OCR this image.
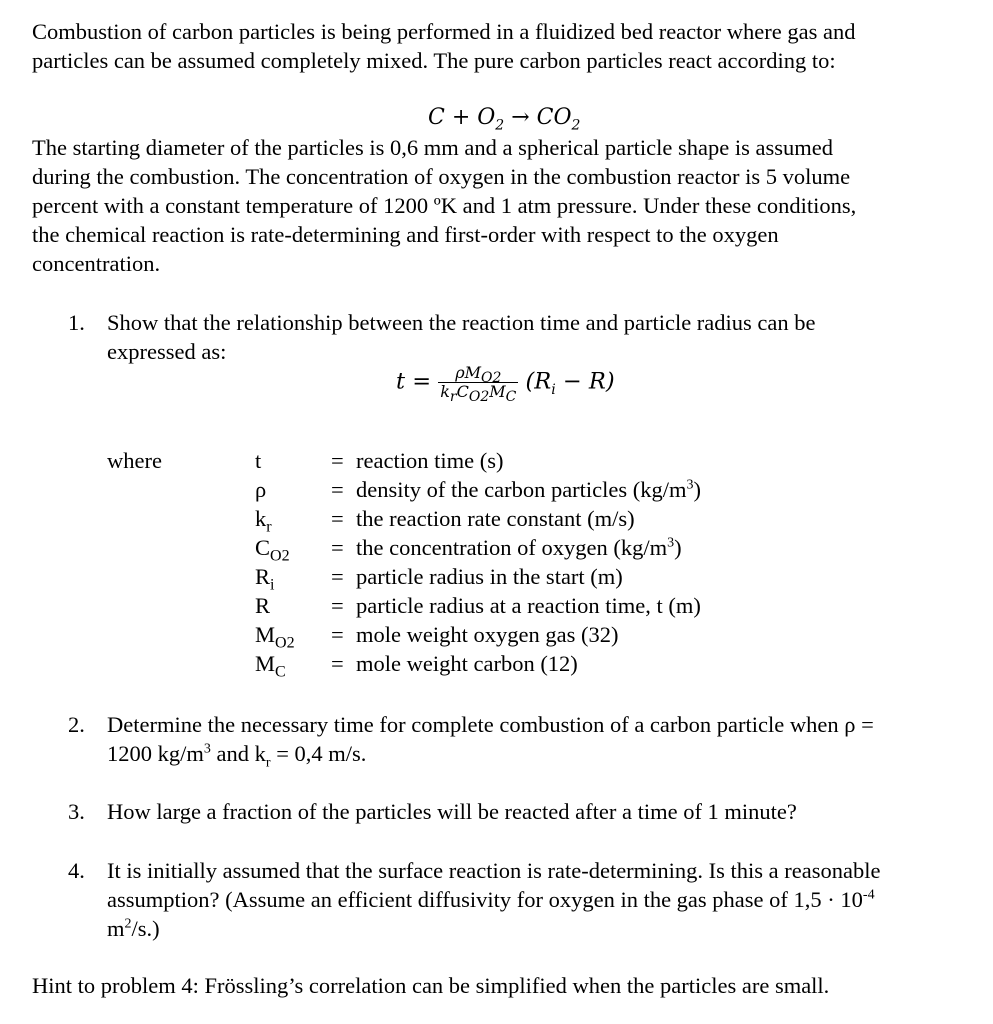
Combustion of carbon particles is being performed in a fluidized bed reactor where gas and
particles can be assumed completely mixed. The pure carbon particles react according to:
$C + O_2 \to CO_2$
The starting diameter of the particles is 0,6 mm and a spherical particle shape is assumed
during the combustion. The concentration of oxygen in the combustion reactor is 5 volume
percent with a constant temperature of 1200 ºK and 1 atm pressure. Under these conditions,
the chemical reaction is rate-determining and first-order with respect to the oxygen
concentration.
1. Show that the relationship between the reaction time and particle radius can be
expressed as:
$t = \frac{\rho M_{O2}}{k_rC_{O2}M_C} (R_i - R)$
where	t	= reaction time (s)
ρ	= density of the carbon particles $(kg/m^3)$
$k_r$	= the reaction rate constant (m/s)
$C_{O2}$ = the concentration of oxygen $(kg/m^3)$
$R_i$	= particle radius in the start (m)
R	= particle radius at a reaction time, t (m)
$M_{O2}$ = mole weight oxygen gas (32)
$M_C$ = mole weight carbon (12)
2. Determine the necessary time for complete combustion of a carbon particle when ρ =
1200 $kg/m^3$ and $k_r = 0,4$ m/s.
3. How large a fraction of the particles will be reacted after a time of 1 minute?
4. It is initially assumed that the surface reaction is rate-determining. Is this a reasonable
assumption? (Assume an efficient diffusivity for oxygen in the gas phase of $1,5 \cdot 10^{-4}$
$m^2/s$.)
Hint to problem 4: Frössling’s correlation can be simplified when the particles are small.
